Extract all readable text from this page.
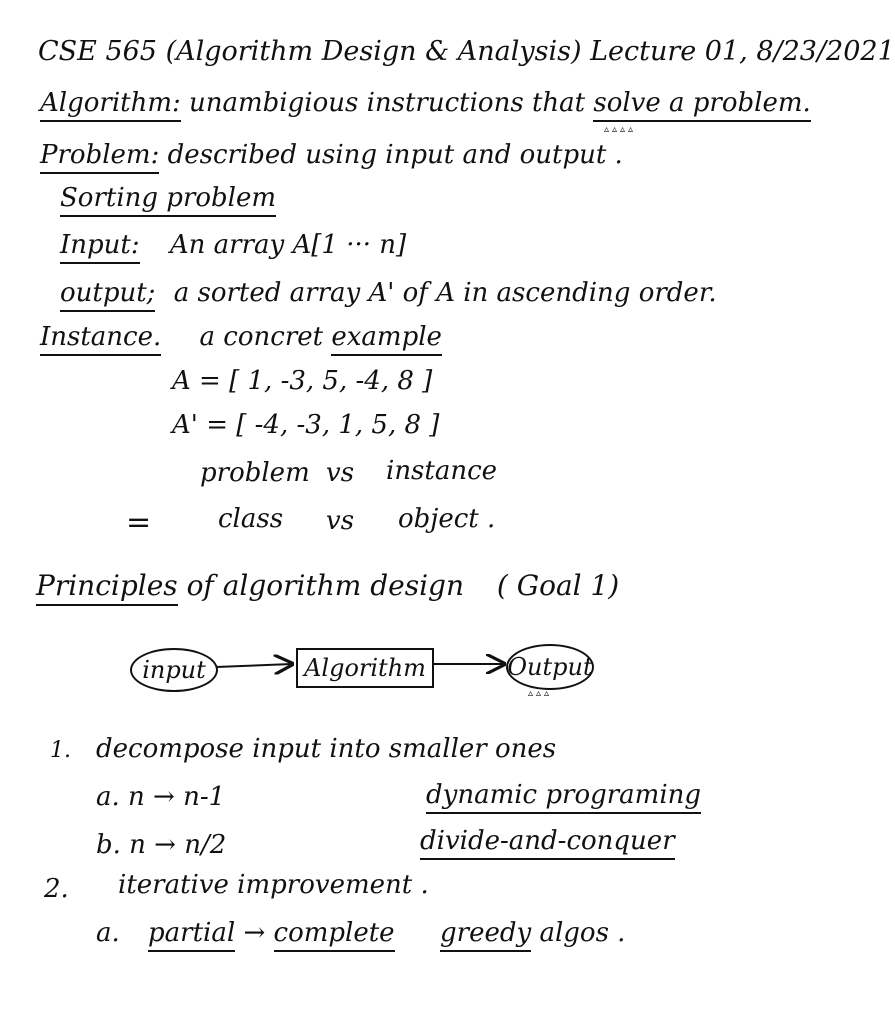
CSE 565 (Algorithm Design & Analysis) Lecture 01, 8/23/2021
Algorithm: unambigious instructions that solve a problem.
▵▵▵▵
Problem: described using input and output .
Sorting problem
Input: An array A[1 ··· n]
output; a sorted array A' of A in ascending order.
Instance. a concret example
A = [ 1, -3, 5, -4, 8 ]
A' = [ -4, -3, 1, 5, 8 ]
problem vs instance
=	class vs object .
Principles of algorithm design ( Goal 1)
input	Algorithm	Output
▵▵▵
1. decompose input into smaller ones
a. n → n-1	dynamic programing
b. n → n/2	divide-and-conquer
2. iterative improvement .
a. partial → complete greedy algos .
